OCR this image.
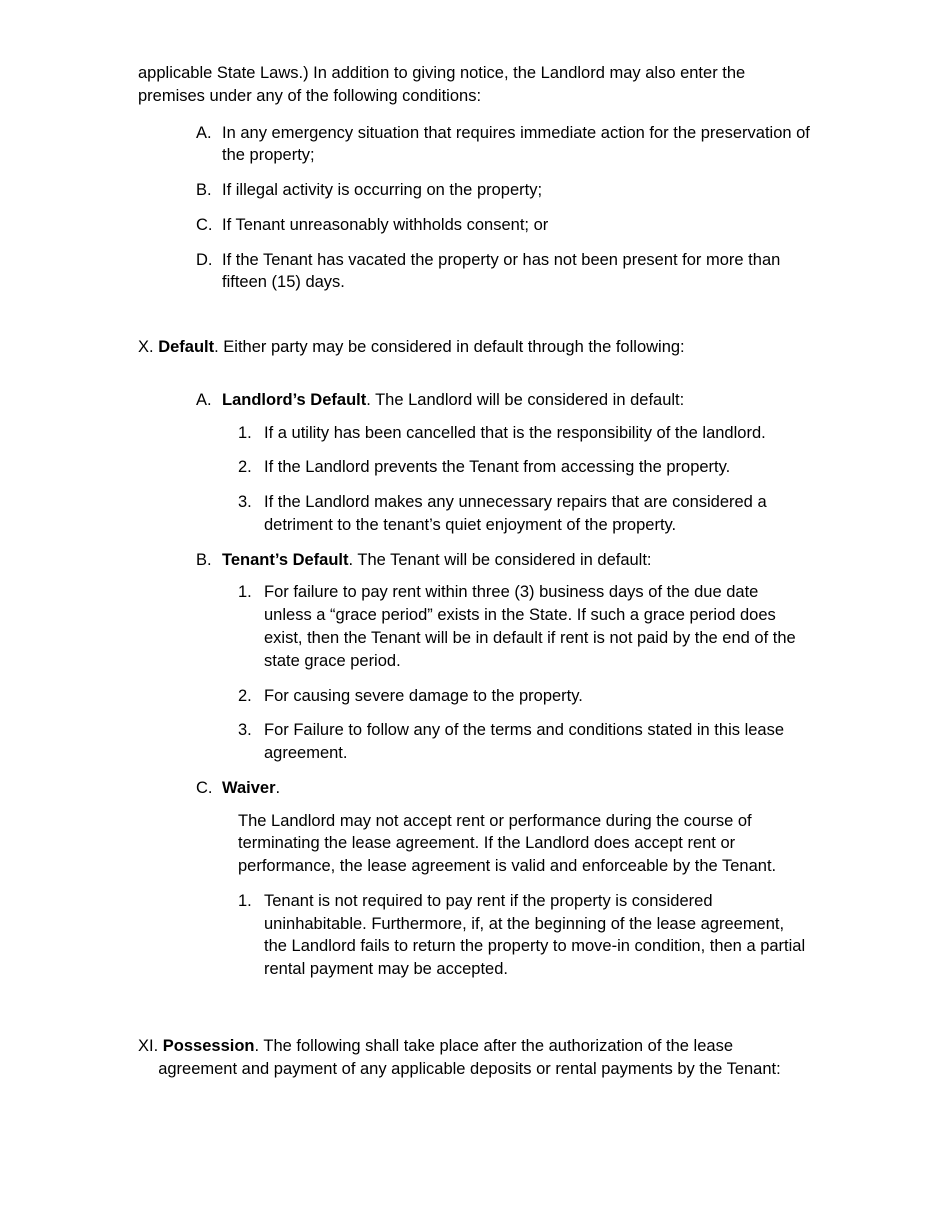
applicable State Laws.) In addition to giving notice, the Landlord may also enter the premises under any of the following conditions:

A. In any emergency situation that requires immediate action for the preservation of the property;
B. If illegal activity is occurring on the property;
C. If Tenant unreasonably withholds consent; or
D. If the Tenant has vacated the property or has not been present for more than fifteen (15) days.
X. Default. Either party may be considered in default through the following:
A. Landlord’s Default. The Landlord will be considered in default:
1. If a utility has been cancelled that is the responsibility of the landlord.
2. If the Landlord prevents the Tenant from accessing the property.
3. If the Landlord makes any unnecessary repairs that are considered a detriment to the tenant’s quiet enjoyment of the property.
B. Tenant’s Default. The Tenant will be considered in default:
1. For failure to pay rent within three (3) business days of the due date unless a “grace period” exists in the State. If such a grace period does exist, then the Tenant will be in default if rent is not paid by the end of the state grace period.
2. For causing severe damage to the property.
3. For Failure to follow any of the terms and conditions stated in this lease agreement.
C. Waiver.

The Landlord may not accept rent or performance during the course of terminating the lease agreement. If the Landlord does accept rent or performance, the lease agreement is valid and enforceable by the Tenant.

1. Tenant is not required to pay rent if the property is considered uninhabitable. Furthermore, if, at the beginning of the lease agreement, the Landlord fails to return the property to move-in condition, then a partial rental payment may be accepted.
XI. Possession. The following shall take place after the authorization of the lease agreement and payment of any applicable deposits or rental payments by the Tenant:
